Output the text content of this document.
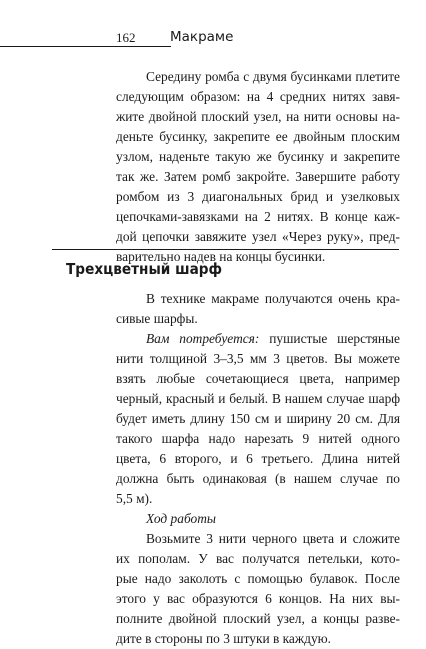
162	Макраме
Середину ромба с двумя бусинками плетите
следующим образом: на 4 средних нитях завя-
жите двойной плоский узел, на нити основы на-
деньте бусинку, закрепите ее двойным плоским
узлом, наденьте такую же бусинку и закрепите
так же. Затем ромб закройте. Завершите работу
ромбом из 3 диагональных брид и узелковых
цепочками-завязками на 2 нитях. В конце каж-
дой цепочки завяжите узел «Через руку», пред-
варительно надев на концы бусинки.
Трехцветный шарф
В технике макраме получаются очень кра-
сивые шарфы.
Вам потребуется: пушистые шерстяные
нити толщиной 3–3,5 мм 3 цветов. Вы можете
взять любые сочетающиеся цвета, например
черный, красный и белый. В нашем случае шарф
будет иметь длину 150 см и ширину 20 см. Для
такого шарфа надо нарезать 9 нитей одного
цвета, 6 второго, и 6 третьего. Длина нитей
должна быть одинаковая (в нашем случае по
5,5 м).
Ход работы
Возьмите 3 нити черного цвета и сложите
их пополам. У вас получатся петельки, кото-
рые надо заколоть с помощью булавок. После
этого у вас образуются 6 концов. На них вы-
полните двойной плоский узел, а концы разве-
дите в стороны по 3 штуки в каждую.
